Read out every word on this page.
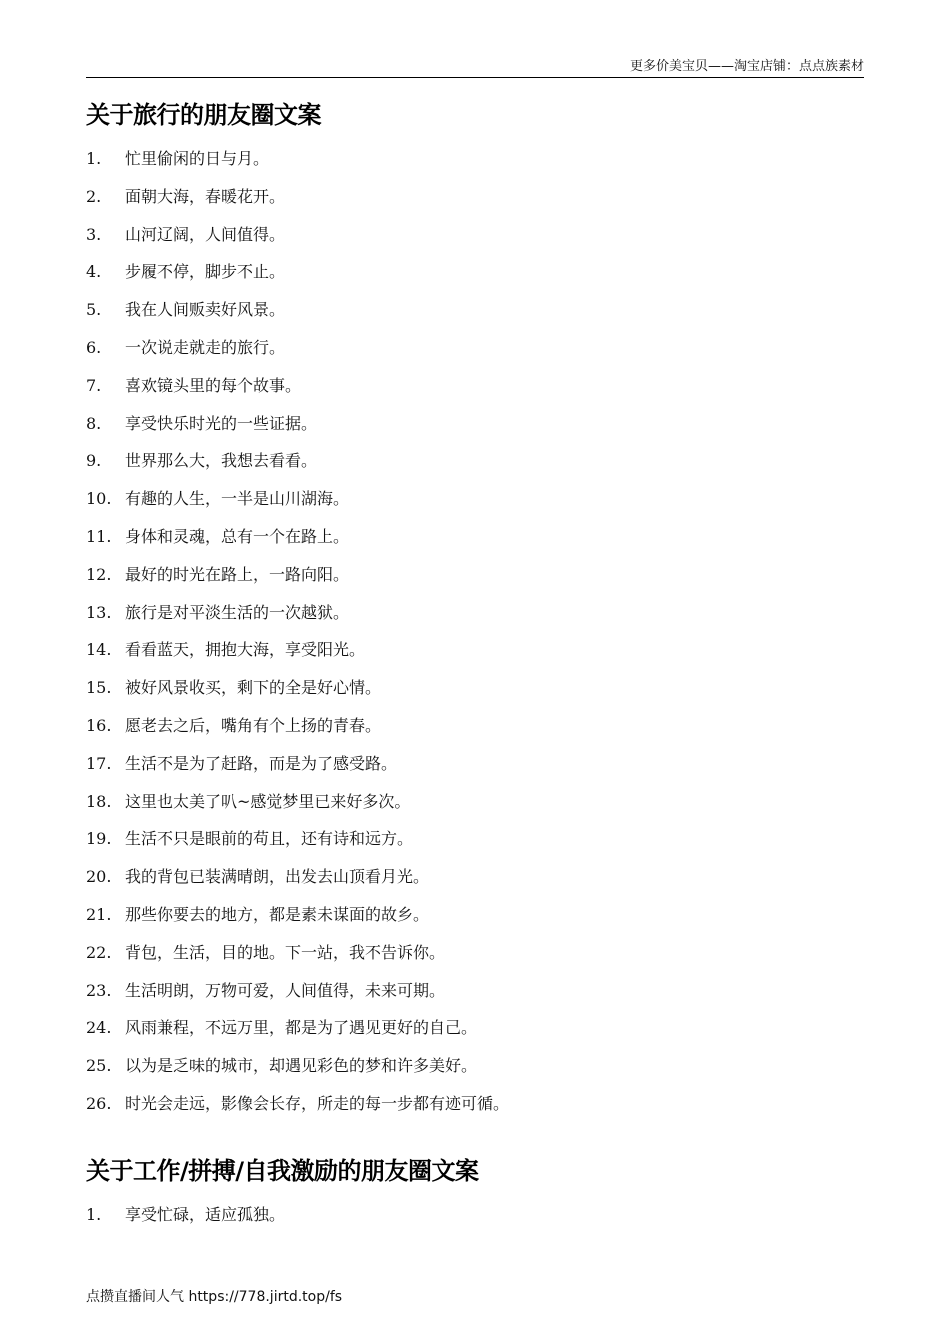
更多价美宝贝——淘宝店铺：点点族素材
关于旅行的朋友圈文案
1.	忙里偷闲的日与月。
2.	面朝大海，春暖花开。
3.	山河辽阔，人间值得。
4.	步履不停，脚步不止。
5.	我在人间贩卖好风景。
6.	一次说走就走的旅行。
7.	喜欢镜头里的每个故事。
8.	享受快乐时光的一些证据。
9.	世界那么大，我想去看看。
10. 有趣的人生，一半是山川湖海。
11. 身体和灵魂，总有一个在路上。
12. 最好的时光在路上，一路向阳。
13. 旅行是对平淡生活的一次越狱。
14. 看看蓝天，拥抱大海，享受阳光。
15. 被好风景收买，剩下的全是好心情。
16. 愿老去之后，嘴角有个上扬的青春。
17. 生活不是为了赶路，而是为了感受路。
18. 这里也太美了叭~感觉梦里已来好多次。
19. 生活不只是眼前的苟且，还有诗和远方。
20. 我的背包已装满晴朗，出发去山顶看月光。
21. 那些你要去的地方，都是素未谋面的故乡。
22. 背包，生活，目的地。下一站，我不告诉你。
23. 生活明朗，万物可爱，人间值得，未来可期。
24. 风雨兼程，不远万里，都是为了遇见更好的自己。
25. 以为是乏味的城市，却遇见彩色的梦和许多美好。
26. 时光会走远，影像会长存，所走的每一步都有迹可循。
关于工作/拼搏/自我激励的朋友圈文案
1.	享受忙碌，适应孤独。
点攒直播间人气 https://778.jirtd.top/fs
